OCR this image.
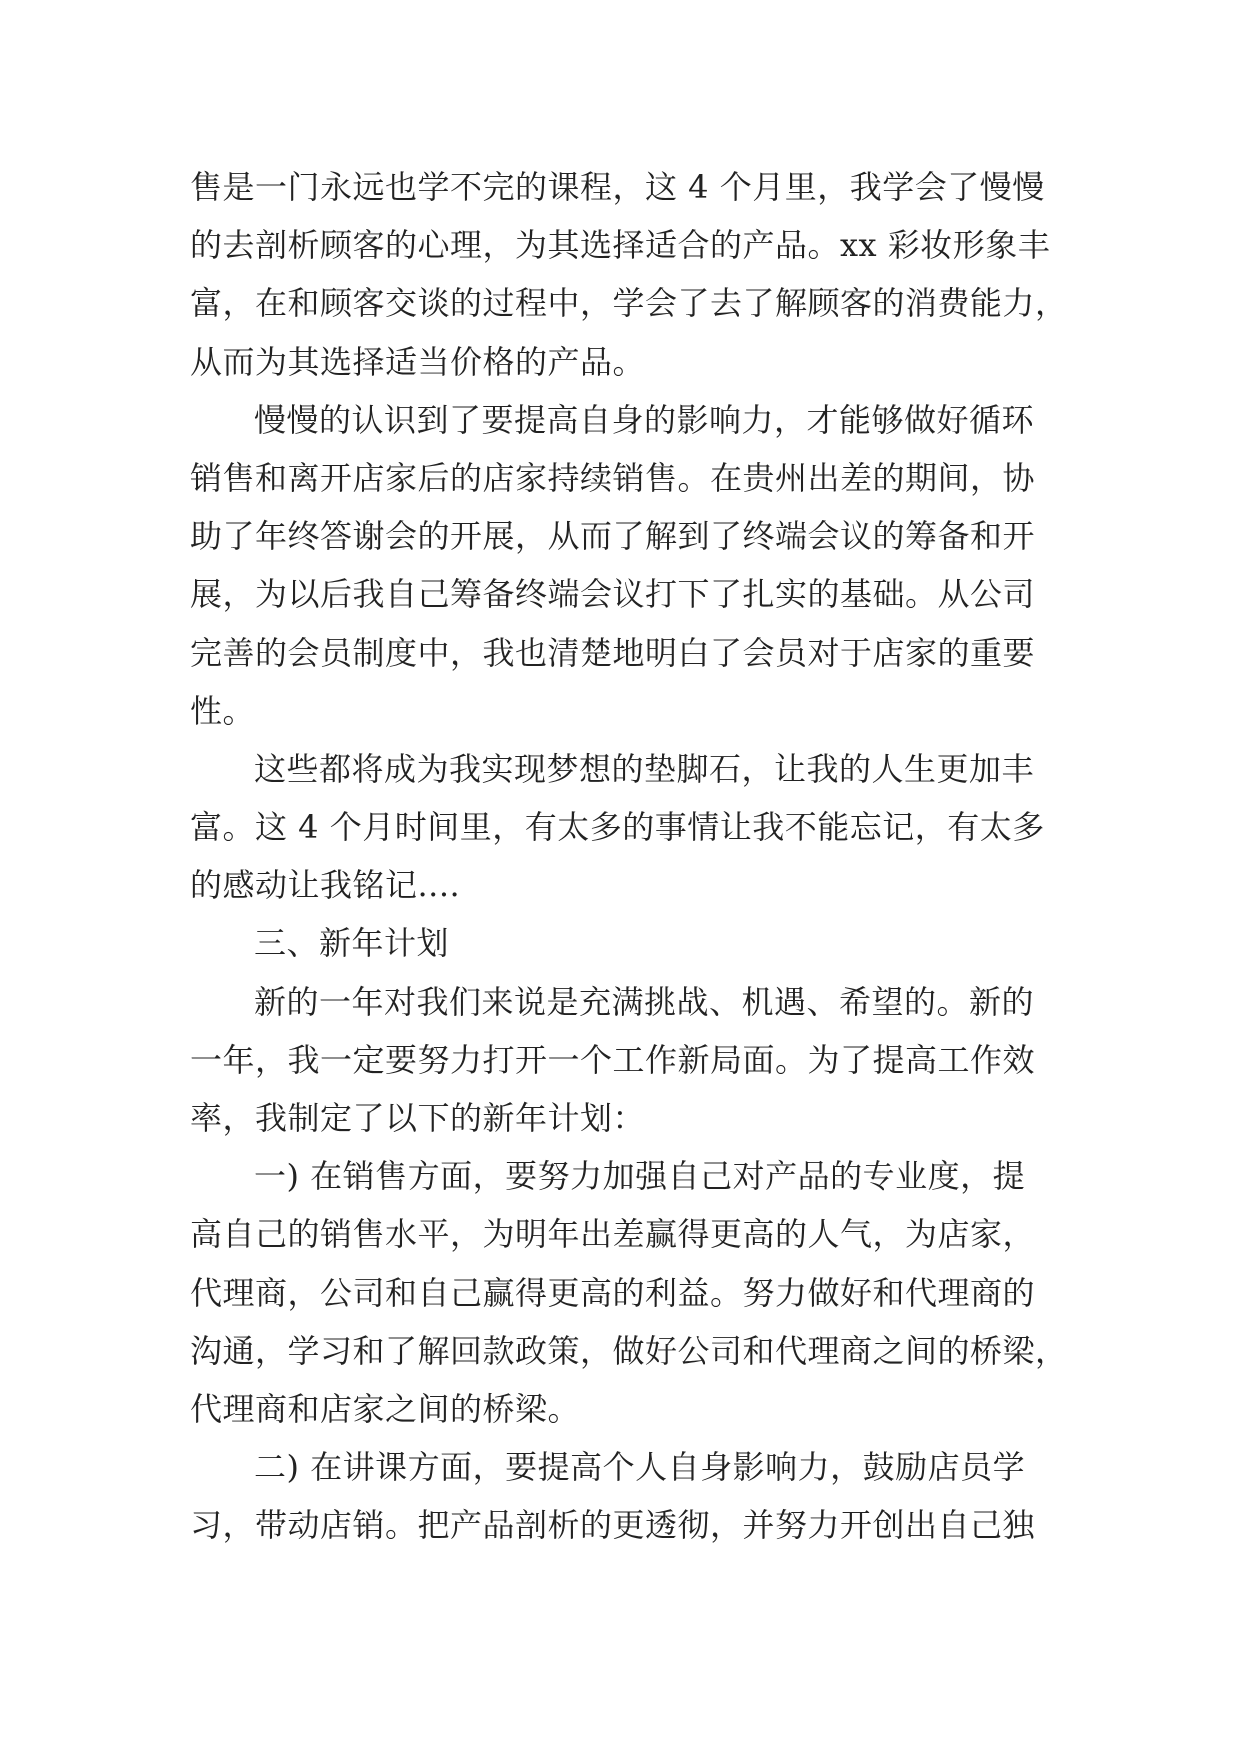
售是一门永远也学不完的课程，这 4 个月里，我学会了慢慢
的去剖析顾客的心理，为其选择适合的产品。xx 彩妆形象丰
富，在和顾客交谈的过程中，学会了去了解顾客的消费能力，
从而为其选择适当价格的产品。
慢慢的认识到了要提高自身的影响力，才能够做好循环
销售和离开店家后的店家持续销售。在贵州出差的期间，协
助了年终答谢会的开展，从而了解到了终端会议的筹备和开
展，为以后我自己筹备终端会议打下了扎实的基础。从公司
完善的会员制度中，我也清楚地明白了会员对于店家的重要
性。
这些都将成为我实现梦想的垫脚石，让我的人生更加丰
富。这 4 个月时间里，有太多的事情让我不能忘记，有太多
的感动让我铭记....
三、新年计划
新的一年对我们来说是充满挑战、机遇、希望的。新的
一年，我一定要努力打开一个工作新局面。为了提高工作效
率，我制定了以下的新年计划：
一) 在销售方面，要努力加强自己对产品的专业度，提
高自己的销售水平，为明年出差赢得更高的人气，为店家，
代理商，公司和自己赢得更高的利益。努力做好和代理商的
沟通，学习和了解回款政策，做好公司和代理商之间的桥梁，
代理商和店家之间的桥梁。
二) 在讲课方面，要提高个人自身影响力，鼓励店员学
习，带动店销。把产品剖析的更透彻，并努力开创出自己独
